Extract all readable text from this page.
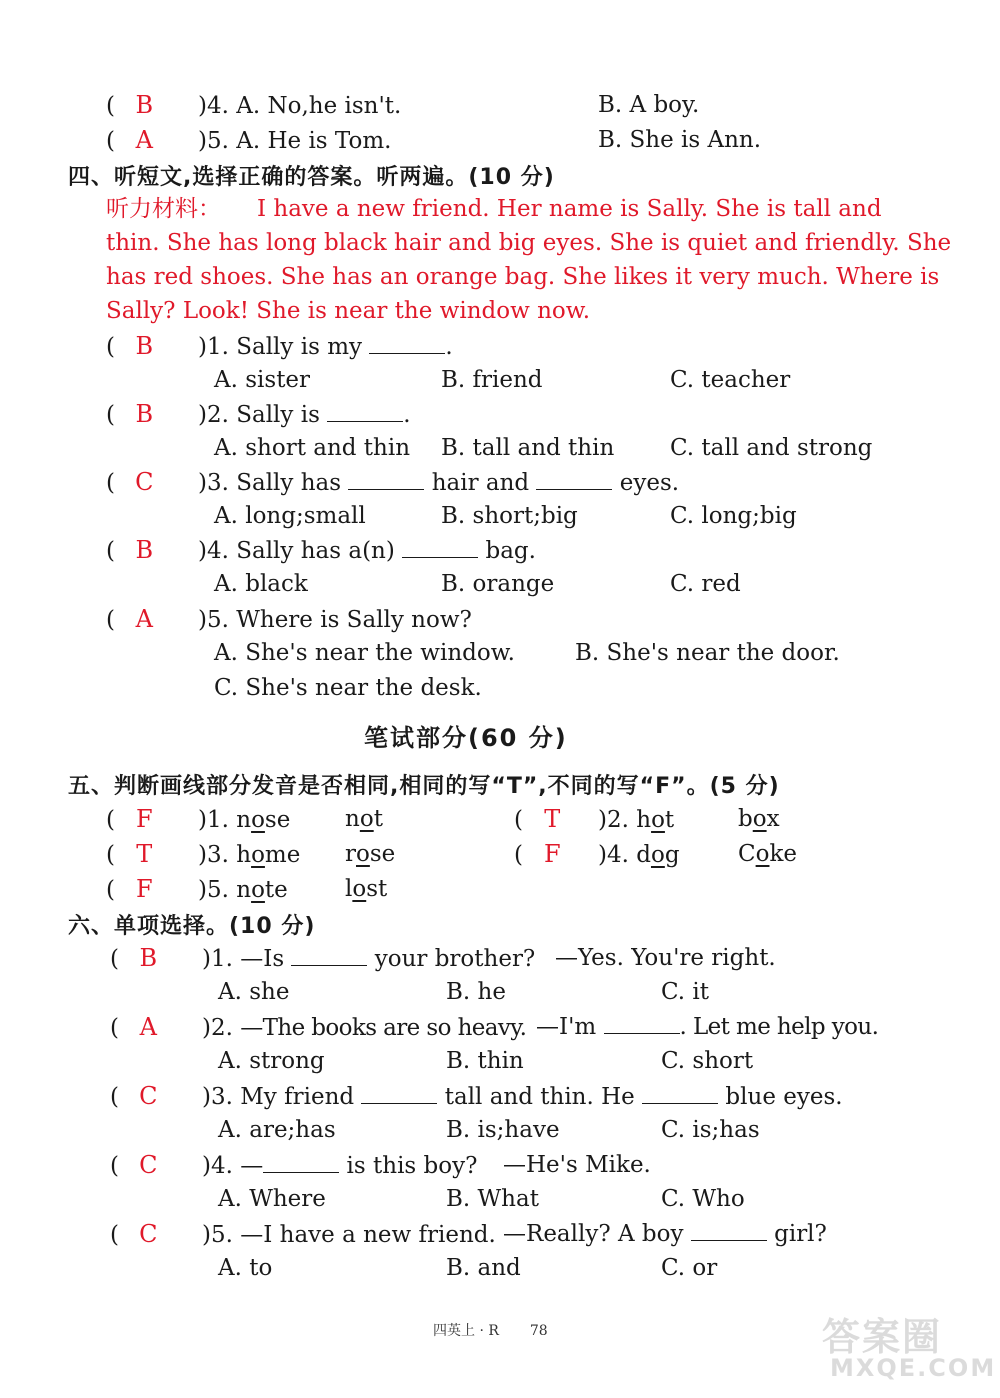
( B )4. A. No,he isn't.	B. A boy.
( A )5. A. He is Tom.	B. She is Ann.
四、听短文,选择正确的答案。听两遍。(10 分)
听力材料： I have a new friend. Her name is Sally. She is tall and
thin. She has long black hair and big eyes. She is quiet and friendly. She
has red shoes. She has an orange bag. She likes it very much. Where is
Sally? Look! She is near the window now.
( B )1. Sally is my	.
A. sister	B. friend	C. teacher
( B )2. Sally is	.
A. short and thin B. tall and thin C. tall and strong
( C )3. Sally has	hair and	eyes.
A. long;small	B. short;big	C. long;big
( B )4. Sally has a(n)	bag.
A. black	B. orange	C. red
( A )5. Where is Sally now?
A. She's near the window.	B. She's near the door.
C. She's near the desk.
笔试部分(60 分)
五、判断画线部分发音是否相同,相同的写“T”,不同的写“F”。(5 分)
( F )1. nose not	( T )2. hot	box
( T )3. home rose	( F )4. dog	Coke
( F )5. note lost
六、单项选择。(10 分)
( B )1. —Is	your brother? —Yes. You're right.
A. she	B. he	C. it
( A )2. —The books are so heavy. —I'm	. Let me help you.
A. strong	B. thin	C. short
( C )3. My friend	tall and thin. He	blue eyes.
A. are;has	B. is;have	C. is;has
( C )4. —	is this boy? —He's Mike.
A. Where	B. What	C. Who
( C )5. —I have a new friend. —Really? A boy	girl?
A. to	B. and	C. or
四英上 · R 78	答案圈
MXQE.COM
